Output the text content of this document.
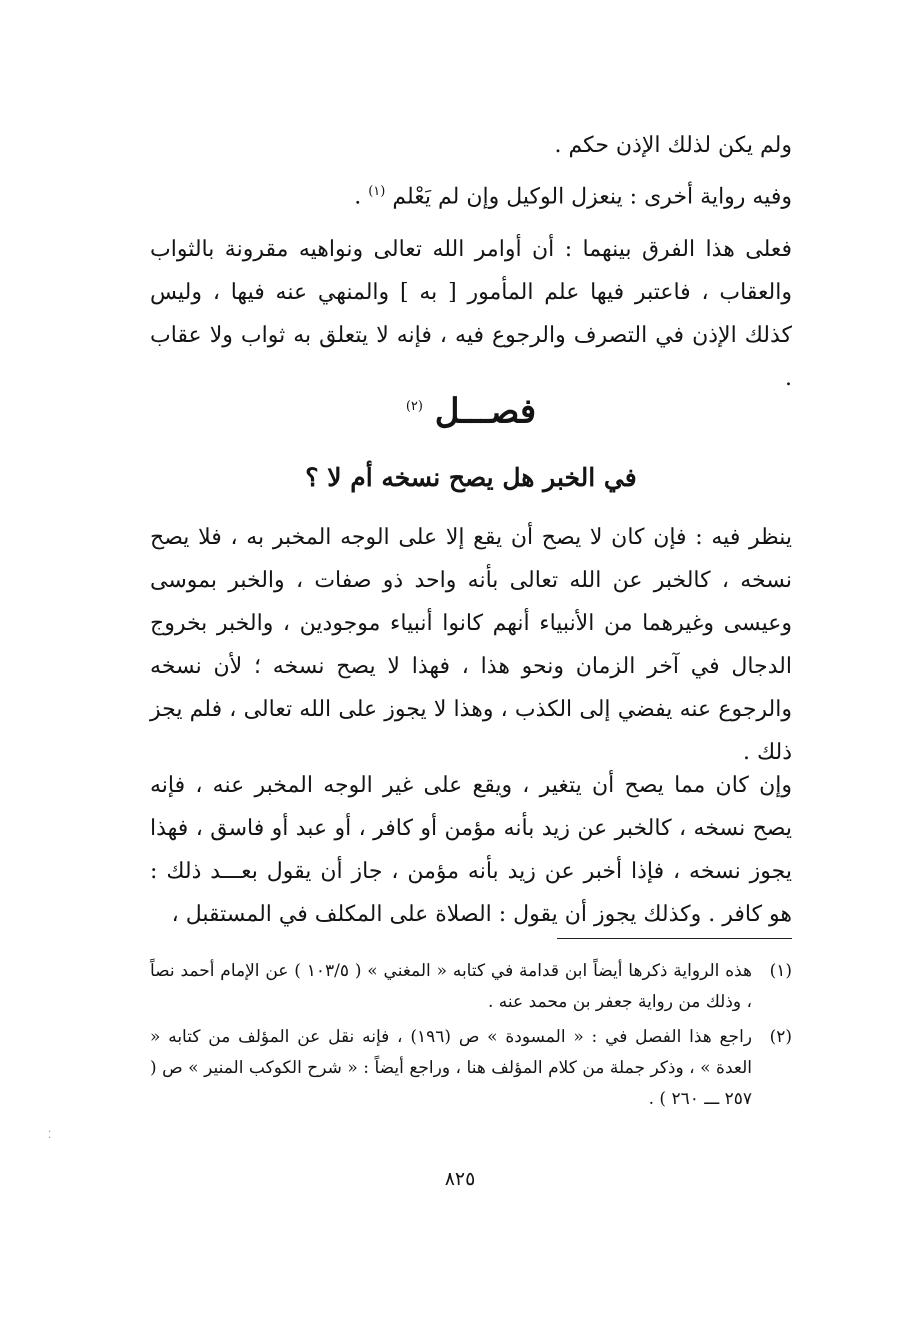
ولم يكن لذلك الإذن حكم .

وفيه رواية أخرى : ينعزل الوكيل وإن لم يَعْلم $^{(١)}$ .

فعلى هذا الفرق بينهما : أن أوامر الله تعالى ونواهيه مقرونة بالثواب والعقاب ، فاعتبر فيها علم المأمور [ به ] والمنهي عنه فيها ، وليس كذلك الإذن في التصرف والرجوع فيه ، فإنه لا يتعلق به ثواب ولا عقاب .

فصـــل $^{(٢)}$
في الخبر هل يصح نسخه أم لا ؟

ينظر فيه : فإن كان لا يصح أن يقع إلا على الوجه المخبر به ، فلا يصح نسخه ، كالخبر عن الله تعالى بأنه واحد ذو صفات ، والخبر بموسى وعيسى وغيرهما من الأنبياء أنهم كانوا أنبياء موجودين ، والخبر بخروج الدجال في آخر الزمان ونحو هذا ، فهذا لا يصح نسخه ؛ لأن نسخه والرجوع عنه يفضي إلى الكذب ، وهذا لا يجوز على الله تعالى ، فلم يجز ذلك .

وإن كان مما يصح أن يتغير ، ويقع على غير الوجه المخبر عنه ، فإنه يصح نسخه ، كالخبر عن زيد بأنه مؤمن أو كافر ، أو عبد أو فاسق ، فهذا يجوز نسخه ، فإذا أخبر عن زيد بأنه مؤمن ، جاز أن يقول بعـــد ذلك : هو كافر . وكذلك يجوز أن يقول : الصلاة على المكلف في المستقبل ،

(١)
هذه الرواية ذكرها أيضاً ابن قدامة في كتابه « المغني » ( ١٠٣/٥ ) عن الإمام أحمد نصاً ، وذلك من رواية جعفر بن محمد عنه .
(٢)
راجع هذا الفصل في : « المسودة » ص (١٩٦) ، فإنه نقل عن المؤلف من كتابه « العدة » ، وذكر جملة من كلام المؤلف هنا ، وراجع أيضاً : « شرح الكوكب المنير » ص ( ٢٥٧ ـــ ٢٦٠ ) .
٨٢٥
⁚
